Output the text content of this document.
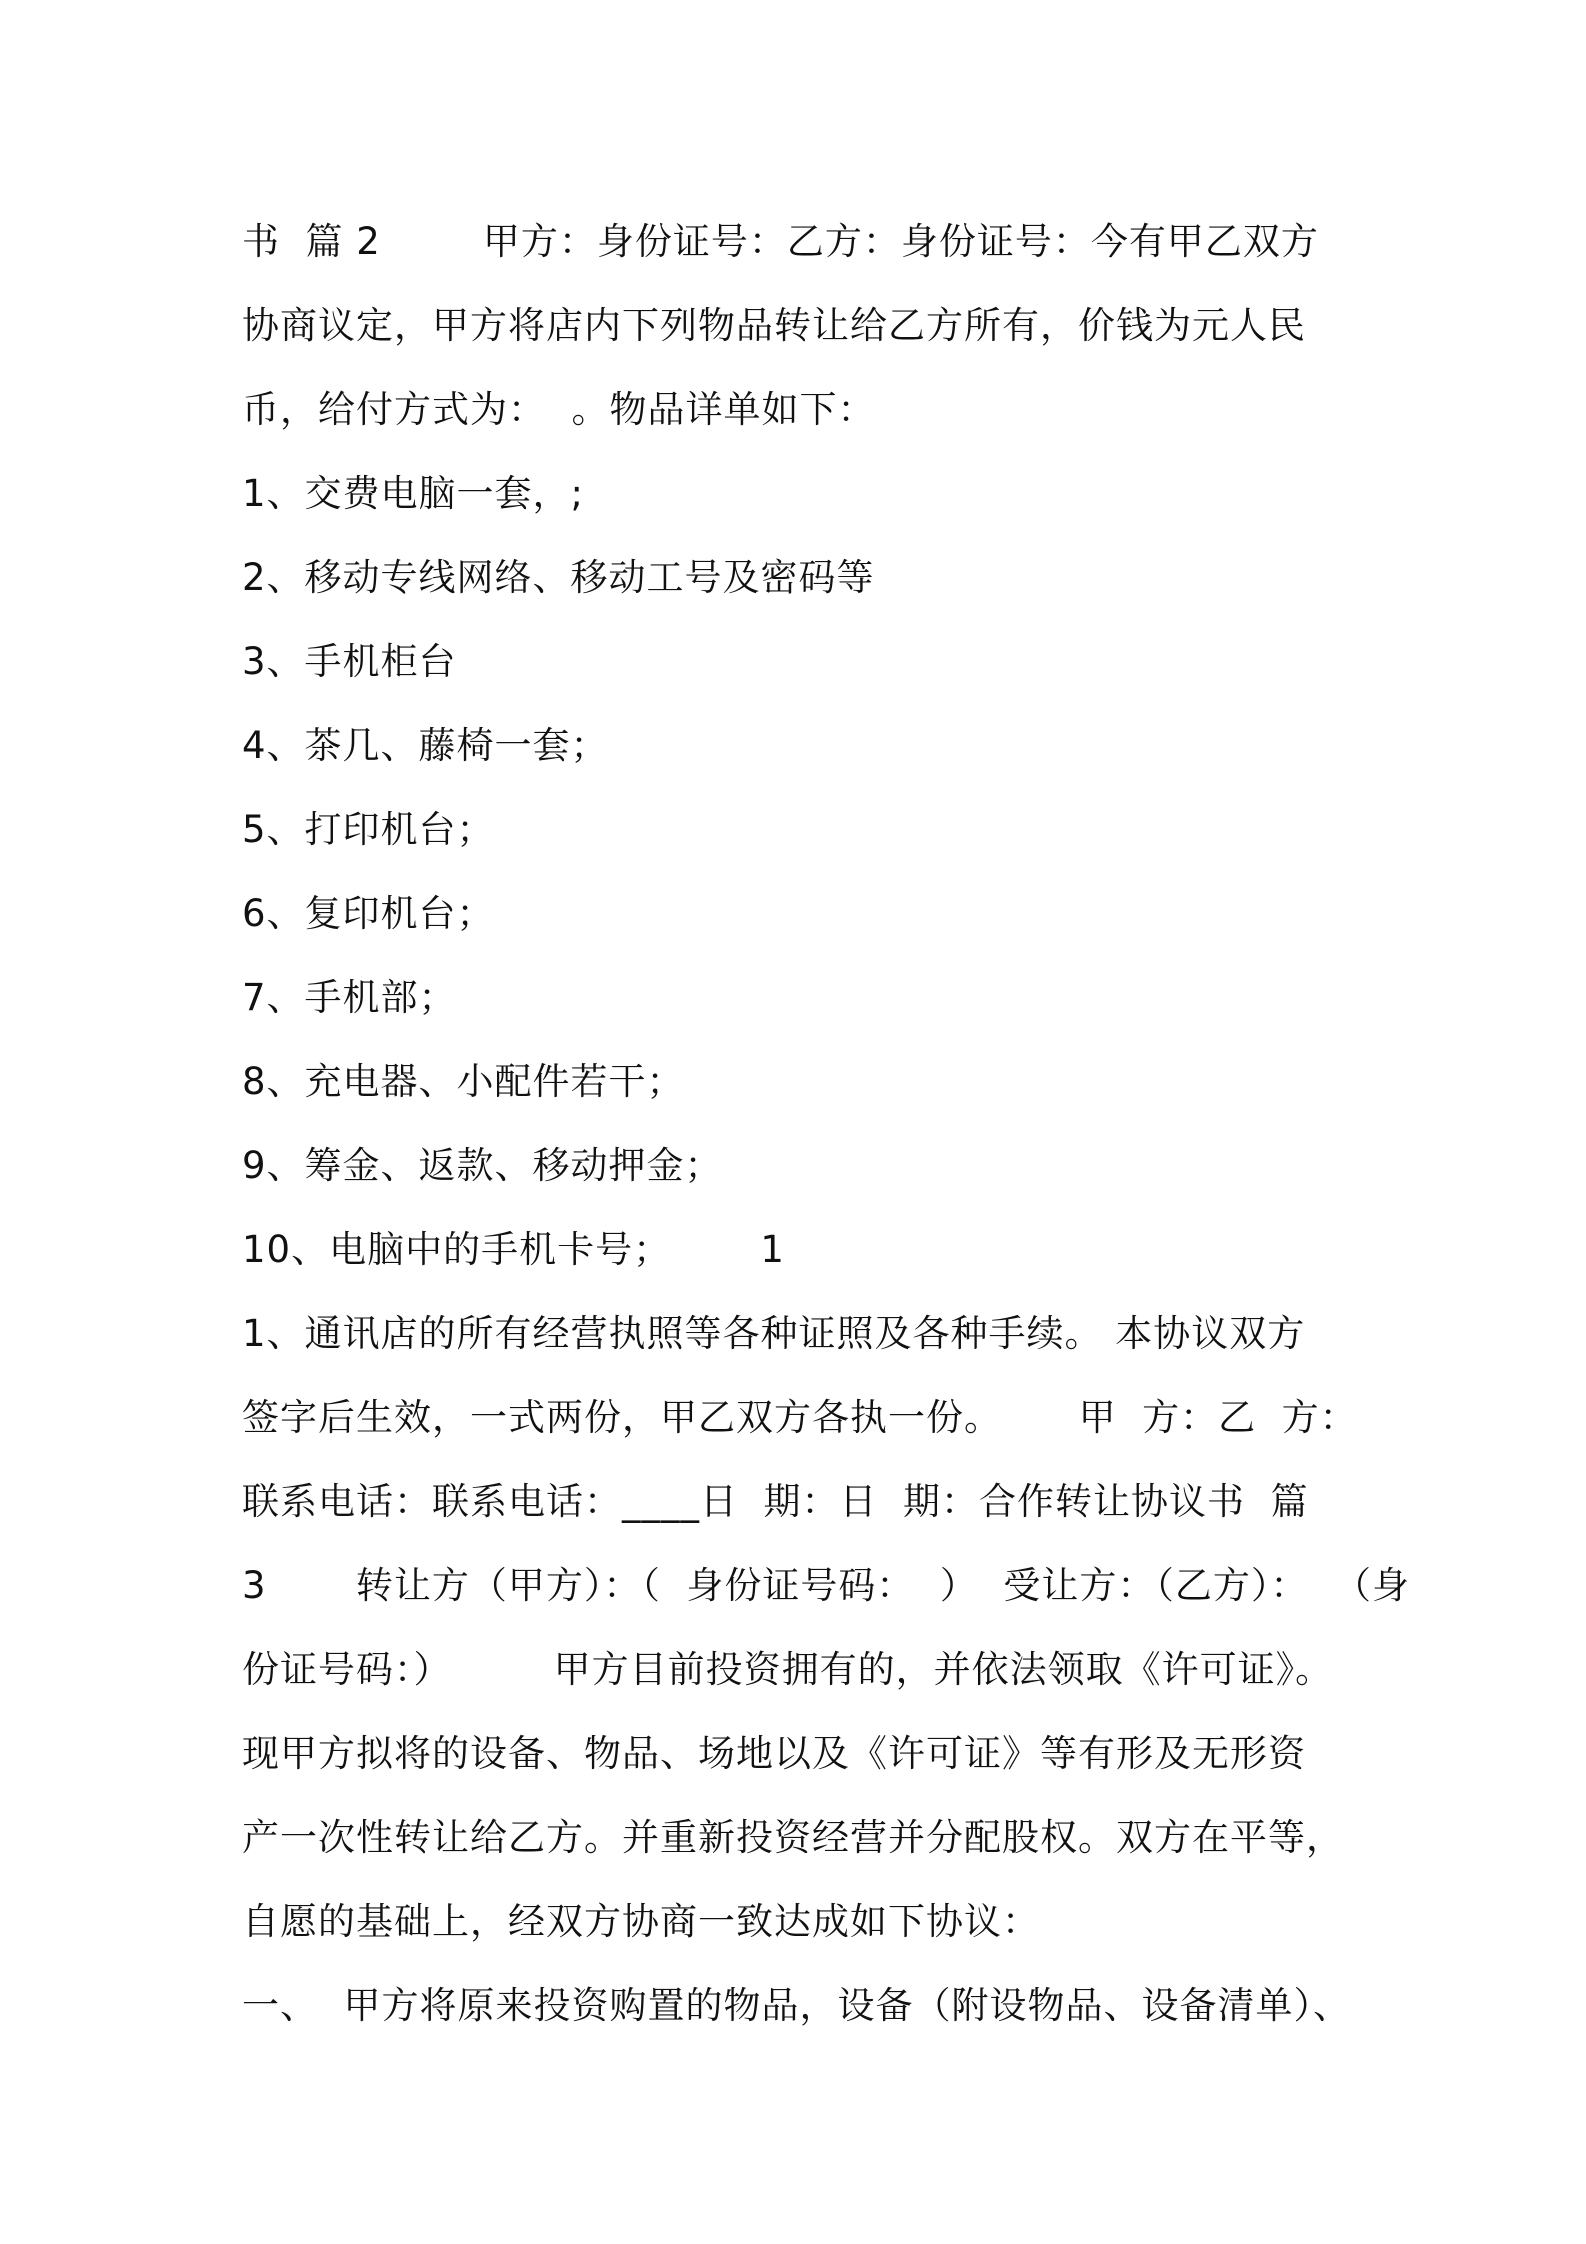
书  篇 2        甲方：身份证号：乙方：身份证号：今有甲乙双方
协商议定，甲方将店内下列物品转让给乙方所有，价钱为元人民
币，给付方式为：  。物品详单如下：
1、交费电脑一套，;
2、移动专线网络、移动工号及密码等
3、手机柜台
4、茶几、藤椅一套；
5、打印机台；
6、复印机台；
7、手机部；
8、充电器、小配件若干；
9、筹金、返款、移动押金；
10、电脑中的手机卡号；       1
1、通讯店的所有经营执照等各种证照及各种手续。 本协议双方
签字后生效，一式两份，甲乙双方各执一份。      甲  方：乙  方：
联系电话：联系电话：____日  期：日  期：合作转让协议书  篇
3       转让方（甲方）：（  身份证号码：  ）  受让方：（乙方）：  （身
份证号码：）        甲方目前投资拥有的，并依法领取《许可证》。
现甲方拟将的设备、物品、场地以及《许可证》等有形及无形资
产一次性转让给乙方。并重新投资经营并分配股权。双方在平等，
自愿的基础上，经双方协商一致达成如下协议：
一、  甲方将原来投资购置的物品，设备（附设物品、设备清单）、
